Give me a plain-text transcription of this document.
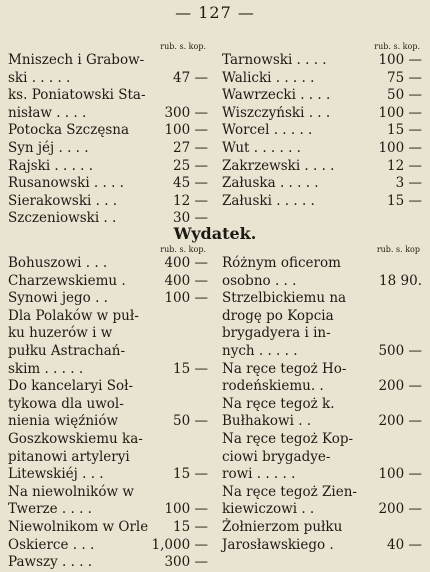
— 127 —
rub. s. kop.
Mniszech i Grabow-
ski . . . . .	47 —
ks. Poniatowski Sta-
nisław . . . .	300 —
Potocka Szczęsna	100 —
Syn jéj . . . .	27 —
Rajski . . . . .	25 —
Rusanowski . . . .	45 —
Sierakowski . . .	12 —
Szczeniowski . .	30 —
rub. s. kop.
Tarnowski . . . .	100 —
Walicki . . . . .	75 —
Wawrzecki . . . .	50 —
Wiszczyński . . .	100 —
Worcel . . . . .	15 —
Wut . . . . . .	100 —
Zakrzewski . . . .	12 —
Załuska . . . . .	3 —
Załuski . . . . .	15 —
Wydatek.
rub. s. kop.
Bohuszowi . . .	400 —
Charzewskiemu .	400 —
Synowi jego . .	100 —
Dla Polaków w puł-
ku huzerów i w
pułku Astrachań-
skim . . . . .	15 —
Do kancelaryi Soł-
tykowa dla uwol-
nienia więźniów	50 —
Goszkowskiemu ka-
pitanowi artyleryi
Litewskiéj . . .	15 —
Na niewolników w
Twerze . . . .	100 —
Niewolnikom w Orle 15 —
Oskierce . . .	1,000 —
Pawszy . . . .	300 —
rub. s. kop
Różnym oficerom
osobno . . .	18 90.
Strzelbickiemu na
drogę po Kopcia
brygadyera i in-
nych . . . . .	500 —
Na ręce tegoż Ho-
rodeńskiemu. .	200 —
Na ręce tegoż k.
Bułhakowi . .	200 —
Na ręce tegoż Kop-
ciowi brygadye-
rowi . . . . .	100 —
Na ręce tegoż Zien-
kiewiczowi . .	200 —
Żołnierzom pułku
Jarosławskiego .	40 —
